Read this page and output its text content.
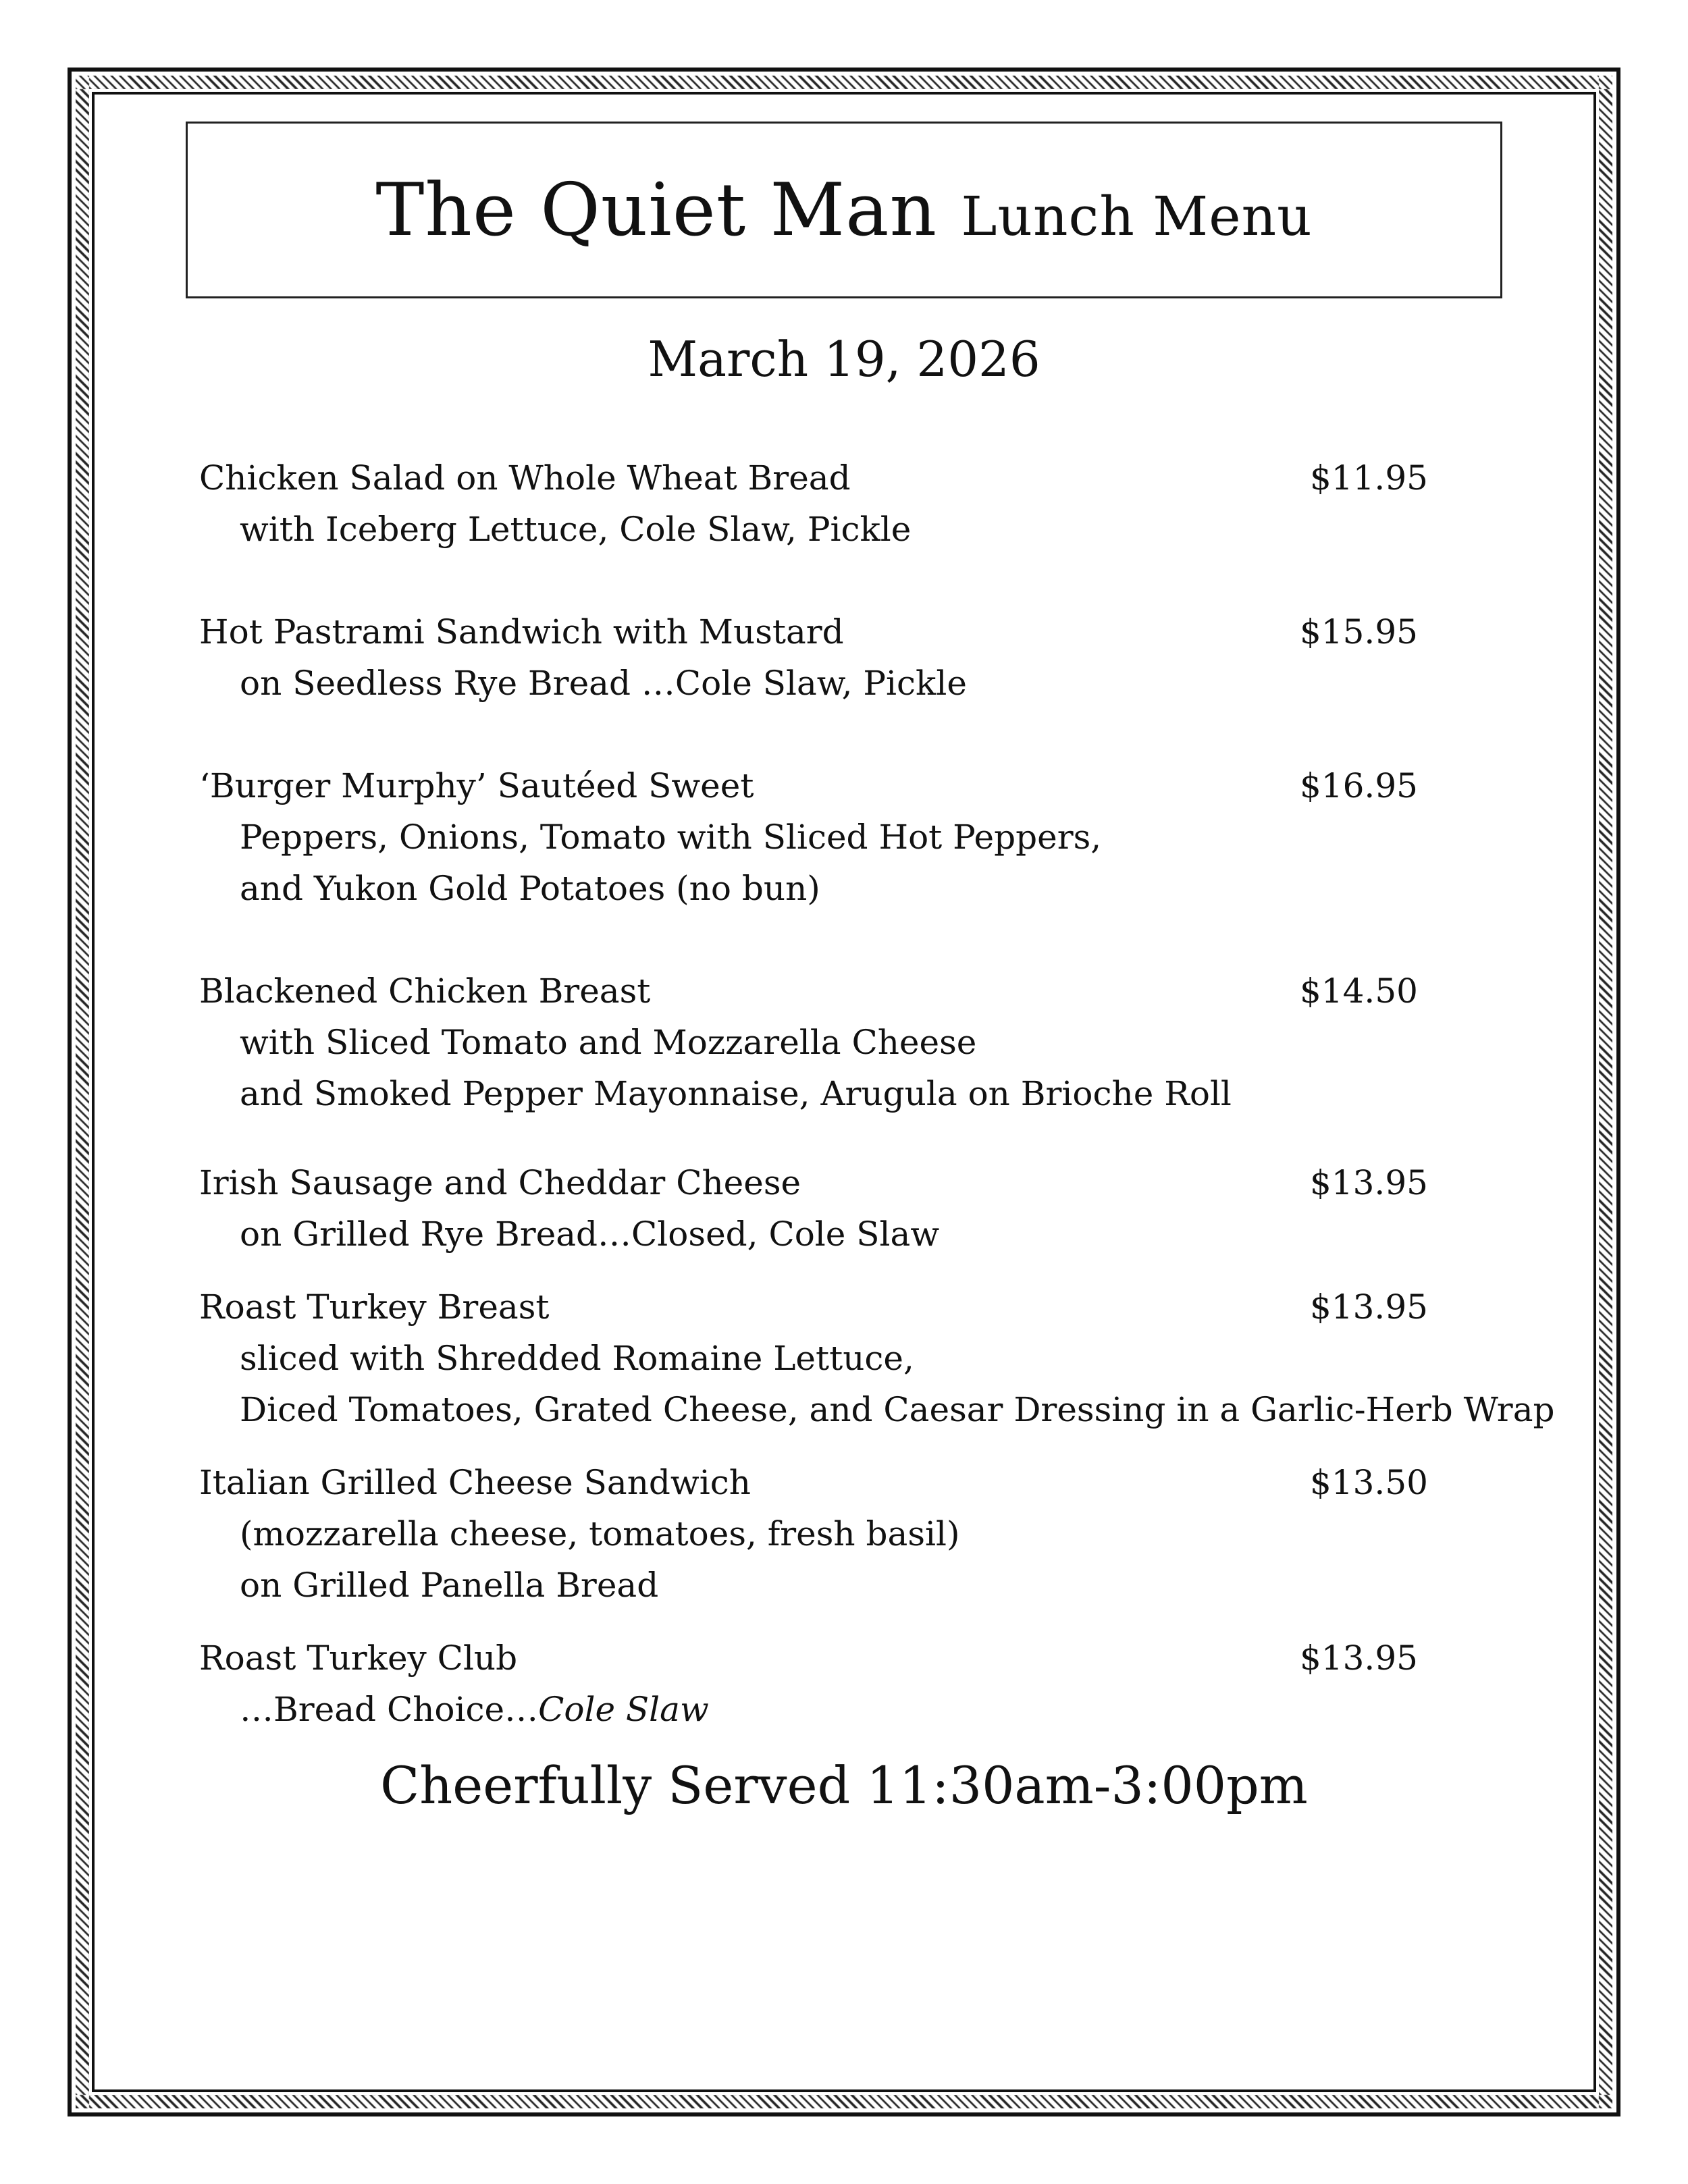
The Quiet Man Lunch Menu
March 19, 2026
Chicken Salad on Whole Wheat Bread	$11.95
with Iceberg Lettuce, Cole Slaw, Pickle
Hot Pastrami Sandwich with Mustard	$15.95
on Seedless Rye Bread …Cole Slaw, Pickle
‘Burger Murphy’ Sautéed Sweet	$16.95
Peppers, Onions, Tomato with Sliced Hot Peppers,
and Yukon Gold Potatoes (no bun)
Blackened Chicken Breast	$14.50
with Sliced Tomato and Mozzarella Cheese
and Smoked Pepper Mayonnaise, Arugula on Brioche Roll
Irish Sausage and Cheddar Cheese	$13.95
on Grilled Rye Bread…Closed, Cole Slaw
Roast Turkey Breast	$13.95
sliced with Shredded Romaine Lettuce,
Diced Tomatoes, Grated Cheese, and Caesar Dressing in a Garlic-Herb Wrap
Italian Grilled Cheese Sandwich	$13.50
(mozzarella cheese, tomatoes, fresh basil)
on Grilled Panella Bread
Roast Turkey Club	$13.95
…Bread Choice…Cole Slaw
Cheerfully Served 11:30am-3:00pm
